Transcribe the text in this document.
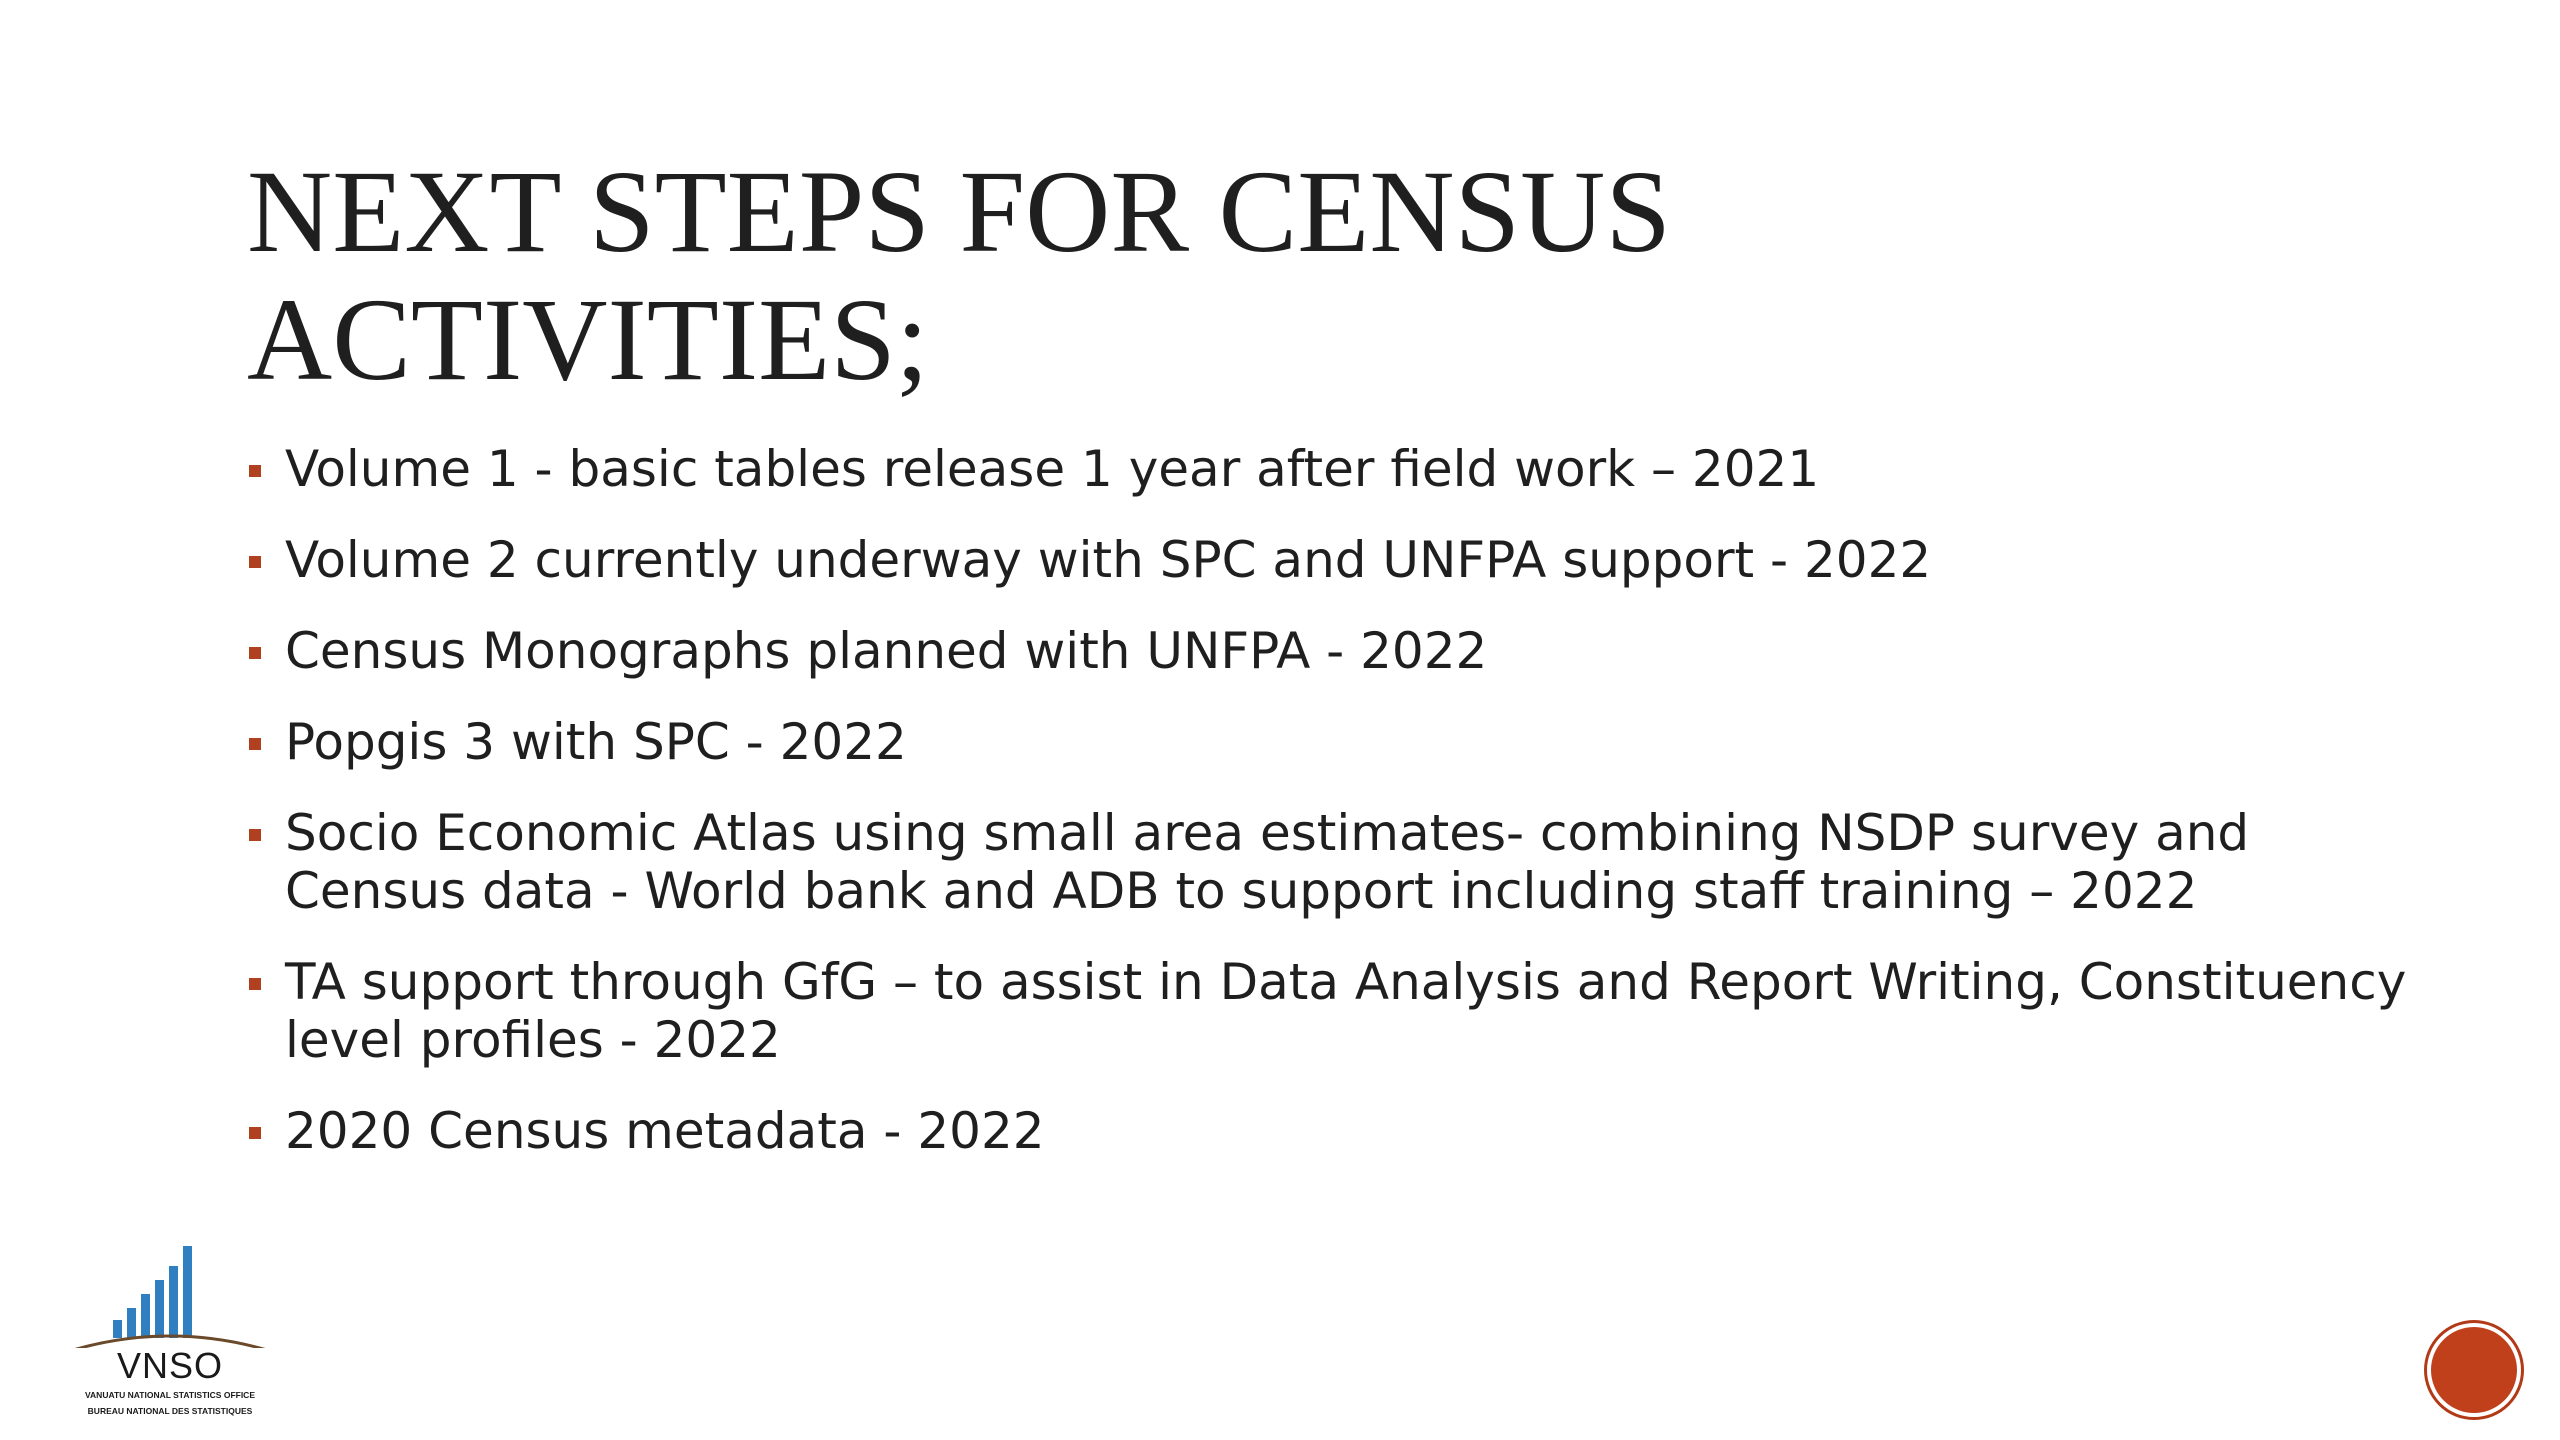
NEXT STEPS FOR CENSUS
ACTIVITIES;
Volume 1 - basic tables release 1 year after field work – 2021
Volume 2 currently underway with SPC and UNFPA support - 2022
Census Monographs planned with UNFPA - 2022
Popgis 3 with SPC - 2022
Socio Economic Atlas using small area estimates- combining NSDP survey and Census data - World bank and ADB to support including staff training – 2022
TA support through GfG – to assist in Data Analysis and Report Writing, Constituency level profiles - 2022
2020 Census metadata - 2022
VNSO
VANUATU NATIONAL STATISTICS OFFICE
BUREAU NATIONAL DES STATISTIQUES
